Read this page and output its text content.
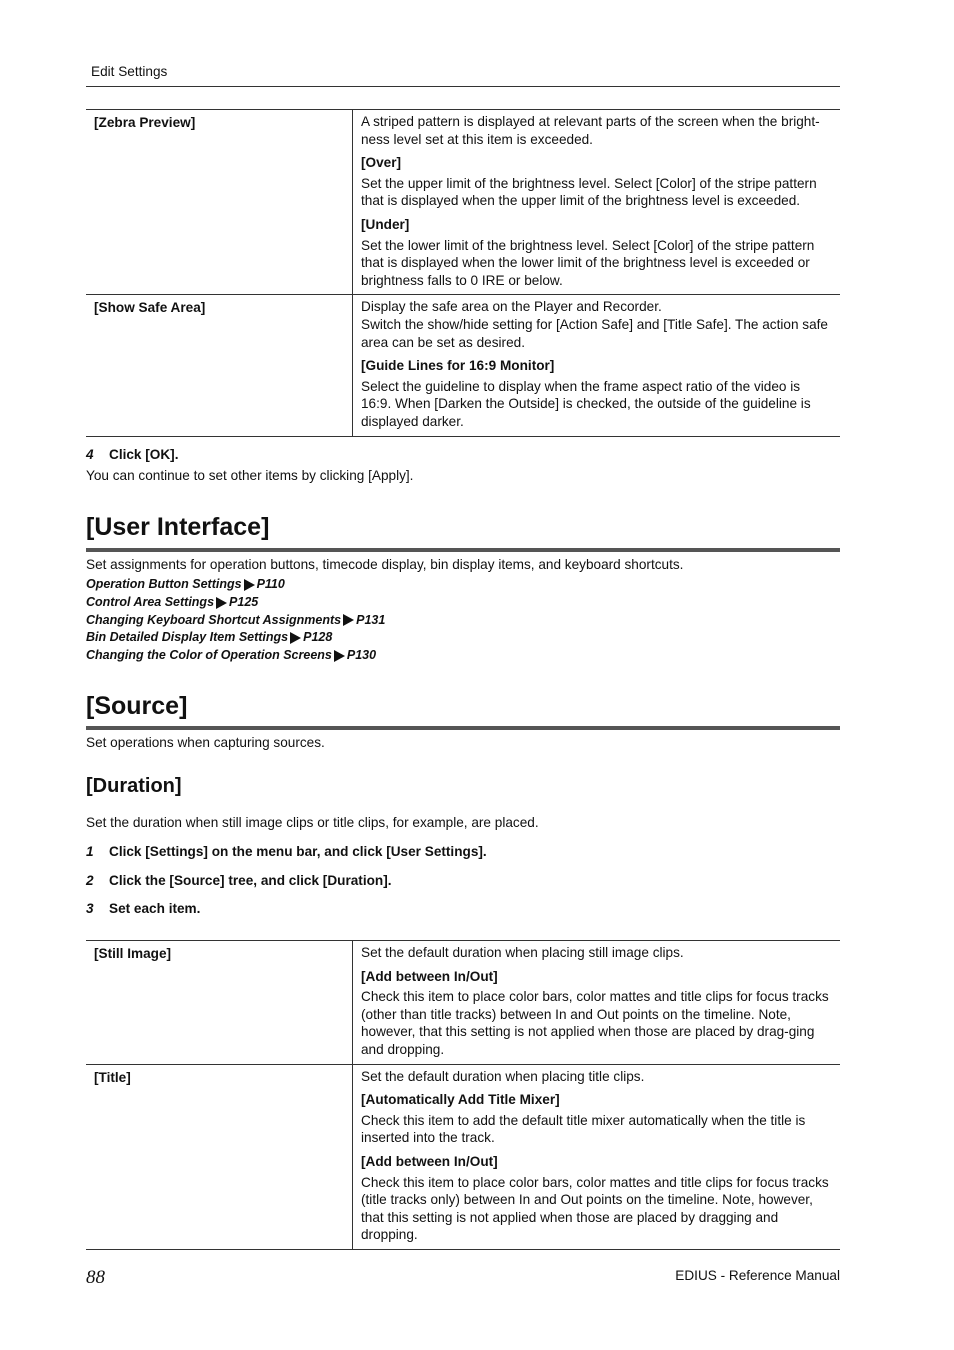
Edit Settings
[Zebra Preview]	A striped pattern is displayed at relevant parts of the screen when the bright-ness level set at this item is exceeded.

[Over]

Set the upper limit of the brightness level. Select [Color] of the stripe pattern that is displayed when the upper limit of the brightness level is exceeded.

[Under]

Set the lower limit of the brightness level. Select [Color] of the stripe pattern that is displayed when the lower limit of the brightness level is exceeded or brightness falls to 0 IRE or below.

[Show Safe Area]	Display the safe area on the Player and Recorder.

Switch the show/hide setting for [Action Safe] and [Title Safe]. The action safe area can be set as desired.

[Guide Lines for 16:9 Monitor]

Select the guideline to display when the frame aspect ratio of the video is 16:9. When [Darken the Outside] is checked, the outside of the guideline is displayed darker.

4 Click [OK].
You can continue to set other items by clicking [Apply].
[User Interface]
Set assignments for operation buttons, timecode display, bin display items, and keyboard shortcuts.
Operation Button Settings P110
Control Area Settings P125
Changing Keyboard Shortcut Assignments P131
Bin Detailed Display Item Settings P128
Changing the Color of Operation Screens P130
[Source]
Set operations when capturing sources.
[Duration]
Set the duration when still image clips or title clips, for example, are placed.
1 Click [Settings] on the menu bar, and click [User Settings].
2 Click the [Source] tree, and click [Duration].
3 Set each item.
[Still Image]	Set the default duration when placing still image clips.

[Add between In/Out]

Check this item to place color bars, color mattes and title clips for focus tracks (other than title tracks) between In and Out points on the timeline. Note, however, that this setting is not applied when those are placed by drag-ging and dropping.

[Title]	Set the default duration when placing title clips.

[Automatically Add Title Mixer]

Check this item to add the default title mixer automatically when the title is inserted into the track.

[Add between In/Out]

Check this item to place color bars, color mattes and title clips for focus tracks (title tracks only) between In and Out points on the timeline. Note, however, that this setting is not applied when those are placed by dragging and dropping.

88	EDIUS - Reference Manual
